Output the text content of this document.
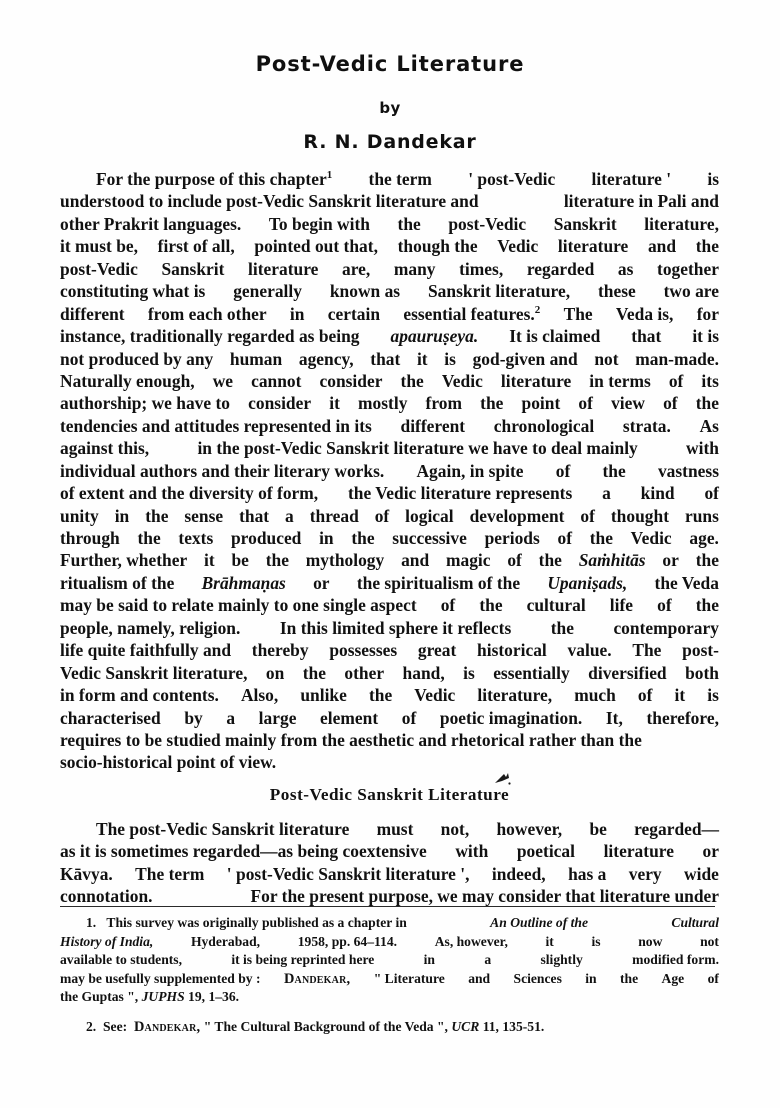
Post-Vedic Literature
by
R. N. Dandekar
For the purpose of this chapter$^1$ the term ' post-Vedic literature ' is
understood to include post-Vedic Sanskrit literature and	literature in Pali and
other Prakrit languages. To begin with the post-Vedic Sanskrit literature,
it must be, first of all, pointed out that, though the Vedic literature and the
post-Vedic Sanskrit literature are, many times, regarded as together
constituting what is generally known as Sanskrit literature, these two are
different from each other in certain essential features.$^2$ The Veda is, for
instance, traditionally regarded as being apauruṣeya. It is claimed that it is
not produced by any human agency, that it is god-given and not man-made.
Naturally enough, we cannot consider the Vedic literature in terms of its
authorship; we have to consider it mostly from the point of view of the
tendencies and attitudes represented in its different chronological strata. As
against this,	in the post-Vedic Sanskrit literature we have to deal mainly	with
individual authors and their literary works. Again, in spite of the vastness
of extent and the diversity of form, the Vedic literature represents a kind of
unity in the sense that a thread of logical development of thought runs
through the texts produced in the successive periods of the Vedic age.
Further, whether it be the mythology and magic of the Saṁhitās or the
ritualism of the Brāhmaṇas or the spiritualism of the Upaniṣads, the Veda
may be said to relate mainly to one single aspect of the cultural life of the
people, namely, religion. In this limited sphere it reflects the contemporary
life quite faithfully and thereby possesses great historical value. The post-
Vedic Sanskrit literature, on the other hand, is essentially diversified both
in form and contents. Also, unlike the Vedic literature, much of it is
characterised by a large element of poetic imagination. It, therefore,
requires to be studied mainly from the aesthetic and rhetorical rather than the
socio-historical point of view.
Post-Vedic Sanskrit Literature
The post-Vedic Sanskrit literature must not, however, be regarded—
as it is sometimes regarded—as being coextensive with poetical literature or
Kāvya. The term ' post-Vedic Sanskrit literature ', indeed, has a very wide
connotation.	For the present purpose, we may consider that literature under
1. This survey was originally published as a chapter in	An Outline of the	Cultural
History of India,	Hyderabad,	1958, pp. 64–114.	As, however,	it	is	now	not
available to students,	it is being reprinted here	in	a	slightly	modified form.
may be usefully supplemented by : Dandekar, " Literature and Sciences in the Age of
the Guptas ", JUPHS 19, 1–36.
2. See: Dandekar, " The Cultural Background of the Veda ", UCR 11, 135-51.
